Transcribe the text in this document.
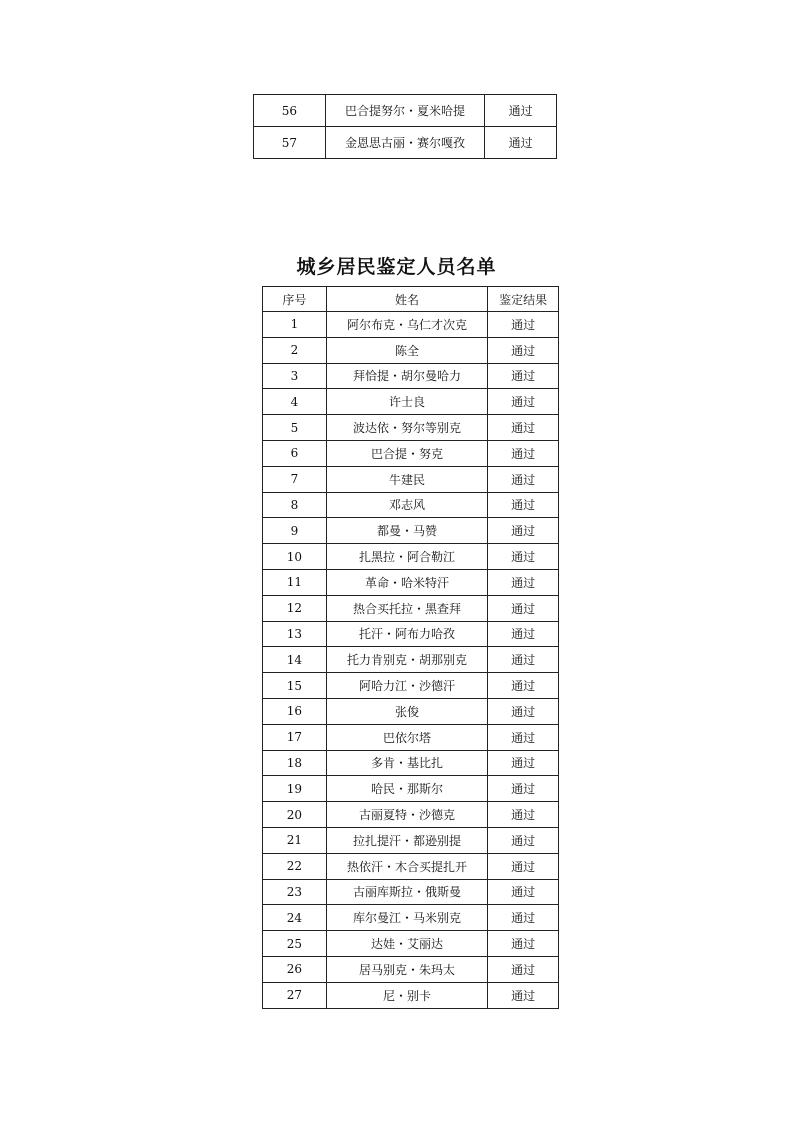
56	巴合提努尔・夏米哈提	通过
57	金恩思古丽・赛尔嘎孜	通过
城乡居民鉴定人员名单
序号	姓名	鉴定结果
1	阿尔布克・乌仁才次克	通过
2	陈全	通过
3	拜恰提・胡尔曼哈力	通过
4	许士良	通过
5	波达依・努尔等别克	通过
6	巴合提・努克	通过
7	牛建民	通过
8	邓志风	通过
9	都曼・马赞	通过
10	扎黑拉・阿合勒江	通过
11	革命・哈米特汗	通过
12	热合买托拉・黑查拜	通过
13	托汗・阿布力哈孜	通过
14	托力肯别克・胡那别克	通过
15	阿哈力江・沙德汗	通过
16	张俊	通过
17	巴依尔塔	通过
18	多肯・基比扎	通过
19	哈民・那斯尔	通过
20	古丽夏特・沙德克	通过
21	拉扎提汗・都逊别提	通过
22	热依汗・木合买提扎开	通过
23	古丽库斯拉・俄斯曼	通过
24	库尔曼江・马米别克	通过
25	达娃・艾丽达	通过
26	居马别克・朱玛太	通过
27	尼・别卡	通过
